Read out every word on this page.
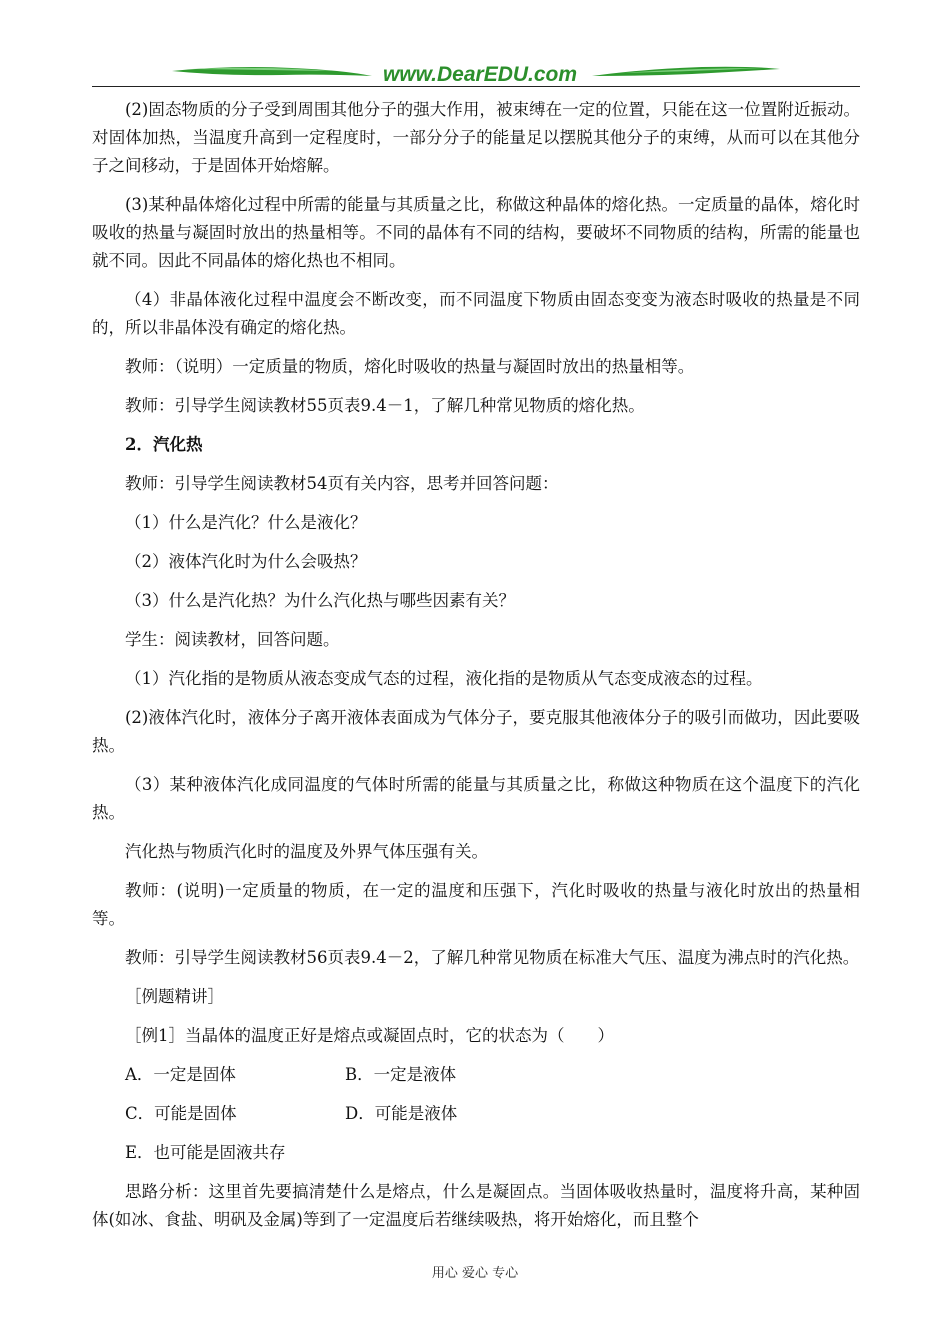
www.DearEDU.com

(2)固态物质的分子受到周围其他分子的强大作用，被束缚在一定的位置，只能在这一位置附近振动。对固体加热，当温度升高到一定程度时，一部分分子的能量足以摆脱其他分子的束缚，从而可以在其他分子之间移动，于是固体开始熔解。

(3)某种晶体熔化过程中所需的能量与其质量之比，称做这种晶体的熔化热。一定质量的晶体，熔化时吸收的热量与凝固时放出的热量相等。不同的晶体有不同的结构，要破坏不同物质的结构，所需的能量也就不同。因此不同晶体的熔化热也不相同。

（4）非晶体液化过程中温度会不断改变，而不同温度下物质由固态变变为液态时吸收的热量是不同的，所以非晶体没有确定的熔化热。

教师：（说明）一定质量的物质，熔化时吸收的热量与凝固时放出的热量相等。

教师：引导学生阅读教材55页表9.4－1，了解几种常见物质的熔化热。

2．汽化热

教师：引导学生阅读教材54页有关内容，思考并回答问题：

（1）什么是汽化？什么是液化？

（2）液体汽化时为什么会吸热？

（3）什么是汽化热？为什么汽化热与哪些因素有关？

学生：阅读教材，回答问题。

（1）汽化指的是物质从液态变成气态的过程，液化指的是物质从气态变成液态的过程。

(2)液体汽化时，液体分子离开液体表面成为气体分子，要克服其他液体分子的吸引而做功，因此要吸热。

（3）某种液体汽化成同温度的气体时所需的能量与其质量之比，称做这种物质在这个温度下的汽化热。

汽化热与物质汽化时的温度及外界气体压强有关。

教师：(说明)一定质量的物质，在一定的温度和压强下，汽化时吸收的热量与液化时放出的热量相等。

教师：引导学生阅读教材56页表9.4－2，了解几种常见物质在标准大气压、温度为沸点时的汽化热。

［例题精讲］

［例1］当晶体的温度正好是熔点或凝固点时，它的状态为（　　）

A．一定是固体	B．一定是液体
C．可能是固体	D．可能是液体
E．也可能是固液共存

思路分析：这里首先要搞清楚什么是熔点，什么是凝固点。当固体吸收热量时，温度将升高，某种固体(如冰、食盐、明矾及金属)等到了一定温度后若继续吸热，将开始熔化，而且整个

用心 爱心 专心
